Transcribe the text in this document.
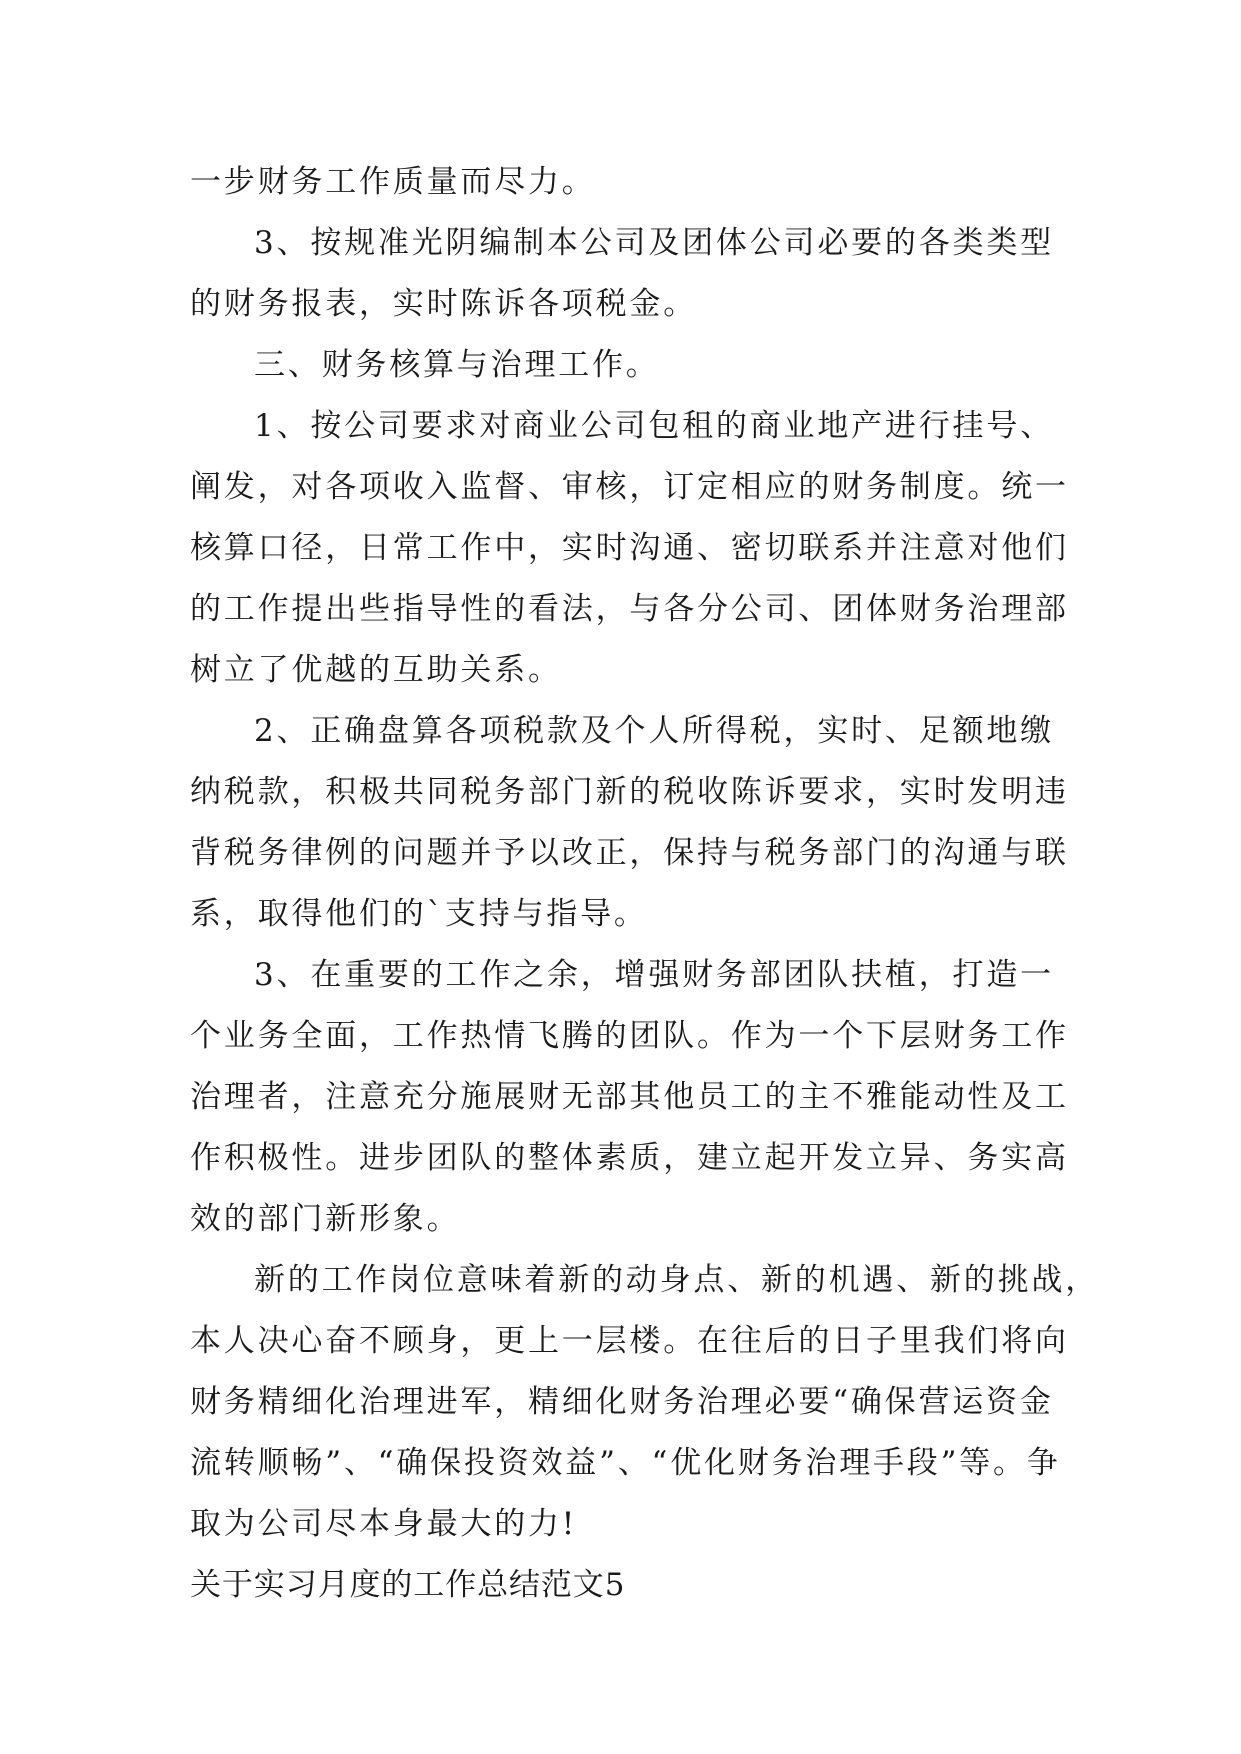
一步财务工作质量而尽力。
3、按规准光阴编制本公司及团体公司必要的各类类型
的财务报表，实时陈诉各项税金。
三、财务核算与治理工作。
1、按公司要求对商业公司包租的商业地产进行挂号、
阐发，对各项收入监督、审核，订定相应的财务制度。统一
核算口径，日常工作中，实时沟通、密切联系并注意对他们
的工作提出些指导性的看法，与各分公司、团体财务治理部
树立了优越的互助关系。
2、正确盘算各项税款及个人所得税，实时、足额地缴
纳税款，积极共同税务部门新的税收陈诉要求，实时发明违
背税务律例的问题并予以改正，保持与税务部门的沟通与联
系，取得他们的`支持与指导。
3、在重要的工作之余，增强财务部团队扶植，打造一
个业务全面，工作热情飞腾的团队。作为一个下层财务工作
治理者，注意充分施展财无部其他员工的主不雅能动性及工
作积极性。进步团队的整体素质，建立起开发立异、务实高
效的部门新形象。
新的工作岗位意味着新的动身点、新的机遇、新的挑战，
本人决心奋不顾身，更上一层楼。在往后的日子里我们将向
财务精细化治理进军，精细化财务治理必要“确保营运资金
流转顺畅”、“确保投资效益”、“优化财务治理手段”等。争
取为公司尽本身最大的力!
关于实习月度的工作总结范文5
